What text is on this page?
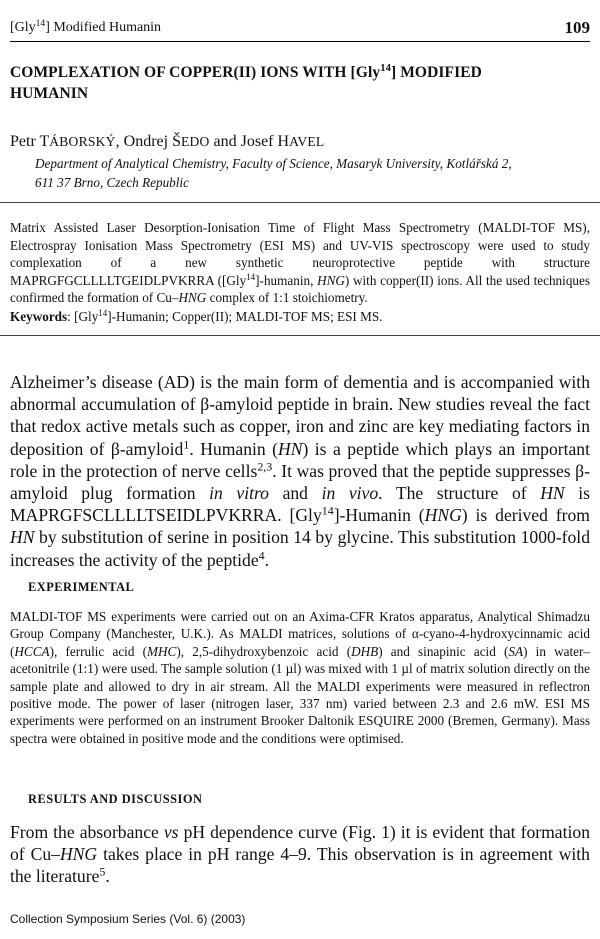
[Gly$^{14}$] Modified Humanin	109
COMPLEXATION OF COPPER(II) IONS WITH [Gly$^{14}$] MODIFIED
HUMANIN
Petr TÁBORSKÝ, Ondrej ŠEDO and Josef HAVEL
Department of Analytical Chemistry, Faculty of Science, Masaryk University, Kotlářská 2,
611 37 Brno, Czech Republic
Matrix Assisted Laser Desorption-Ionisation Time of Flight Mass Spectrometry (MALDI-TOF MS), Electrospray Ionisation Mass Spectrometry (ESI MS) and UV-VIS spectroscopy were used to study complexation of a new synthetic neuroprotective peptide with structure MAPRGFGCLLLLTGEIDLPVKRRA ([Gly$^{14}$]-humanin, HNG) with copper(II) ions. All the used techniques confirmed the formation of Cu–HNG complex of 1:1 stoichiometry.
Keywords: [Gly$^{14}$]-Humanin; Copper(II); MALDI-TOF MS; ESI MS.
Alzheimer’s disease (AD) is the main form of dementia and is accompanied with abnormal accumulation of β-amyloid peptide in brain. New studies reveal the fact that redox active metals such as copper, iron and zinc are key mediating factors in deposition of β-amyloid$^1$. Humanin (HN) is a peptide which plays an important role in the protection of nerve cells$^{2,3}$. It was proved that the peptide suppresses β-amyloid plug formation in vitro and in vivo. The structure of HN is MAPRGFSCLLLLTSEIDLPVKRRA. [Gly$^{14}$]-Humanin (HNG) is derived from HN by substitution of serine in position 14 by glycine. This substitution 1000-fold increases the activity of the peptide$^4$.
EXPERIMENTAL
MALDI-TOF MS experiments were carried out on an Axima-CFR Kratos apparatus, Analytical Shimadzu Group Company (Manchester, U.K.). As MALDI matrices, solutions of α-cyano-4-hydroxycinnamic acid (HCCA), ferrulic acid (MHC), 2,5-dihydroxybenzoic acid (DHB) and sinapinic acid (SA) in water–acetonitrile (1:1) were used. The sample solution (1 µl) was mixed with 1 µl of matrix solution directly on the sample plate and allowed to dry in air stream. All the MALDI experiments were measured in reflectron positive mode. The power of laser (nitrogen laser, 337 nm) varied between 2.3 and 2.6 mW. ESI MS experiments were performed on an instrument Brooker Daltonik ESQUIRE 2000 (Bremen, Germany). Mass spectra were obtained in positive mode and the conditions were optimised.
RESULTS AND DISCUSSION
From the absorbance vs pH dependence curve (Fig. 1) it is evident that formation of Cu–HNG takes place in pH range 4–9. This observation is in agreement with the literature$^5$.
Collection Symposium Series (Vol. 6) (2003)
